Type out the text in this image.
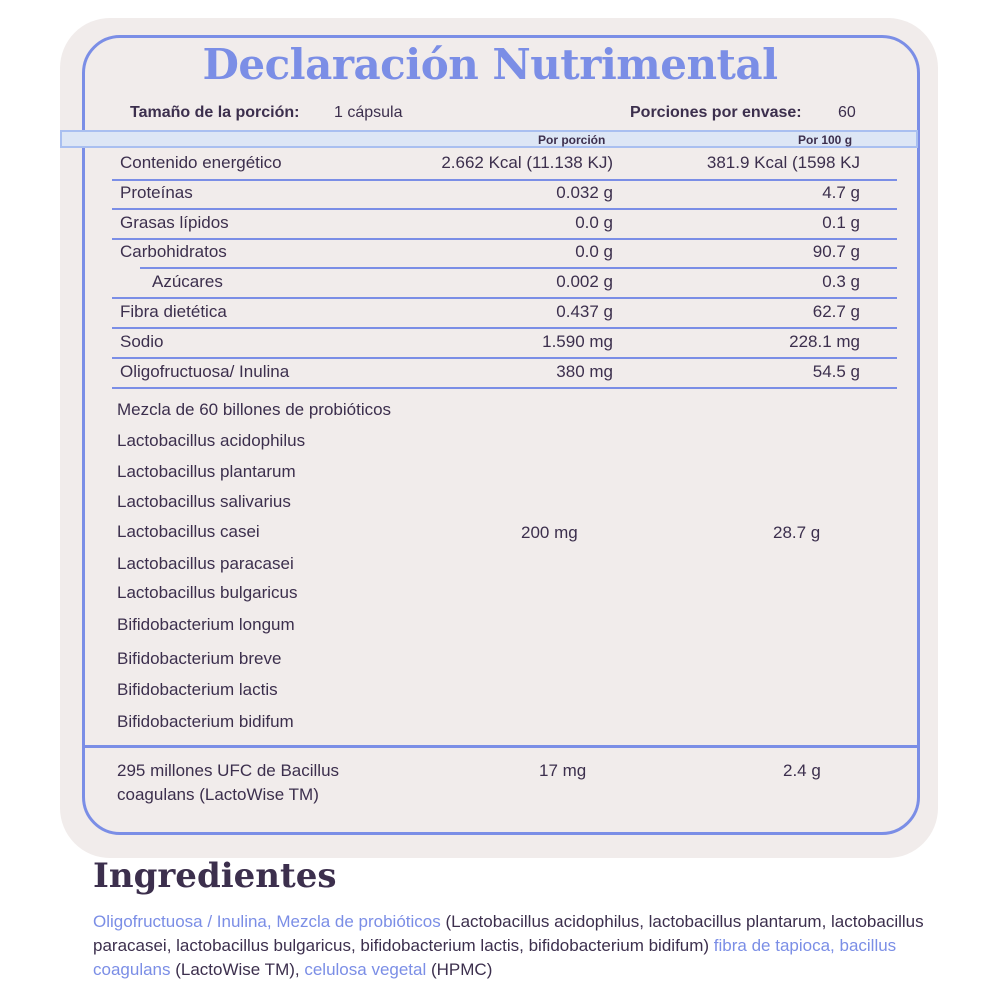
Declaración Nutrimental
Tamaño de la porción: 1 cápsula	Porciones por envase: 60
Por porción	Por 100 g
Contenido energético	2.662 Kcal (11.138 KJ)	381.9 Kcal (1598 KJ
Proteínas	0.032 g	4.7 g
Grasas lípidos	0.0 g	0.1 g
Carbohidratos	0.0 g	90.7 g
Azúcares	0.002 g	0.3 g
Fibra dietética	0.437 g	62.7 g
Sodio	1.590 mg	228.1 mg
Oligofructuosa/ Inulina	380 mg	54.5 g
Mezcla de 60 billones de probióticos
Lactobacillus acidophilus
Lactobacillus plantarum
Lactobacillus salivarius
Lactobacillus casei
Lactobacillus paracasei
Lactobacillus bulgaricus
Bifidobacterium longum
Bifidobacterium breve
Bifidobacterium lactis
Bifidobacterium bidifum
200 mg	28.7 g
295 millones UFC de Bacillus
coagulans (LactoWise TM)
17 mg	2.4 g
Ingredientes
Oligofructuosa / Inulina, Mezcla de probióticos (Lactobacillus acidophilus, lactobacillus plantarum, lactobacillus paracasei, lactobacillus bulgaricus, bifidobacterium lactis, bifidobacterium bidifum) fibra de tapioca, bacillus coagulans (LactoWise TM), celulosa vegetal (HPMC)
